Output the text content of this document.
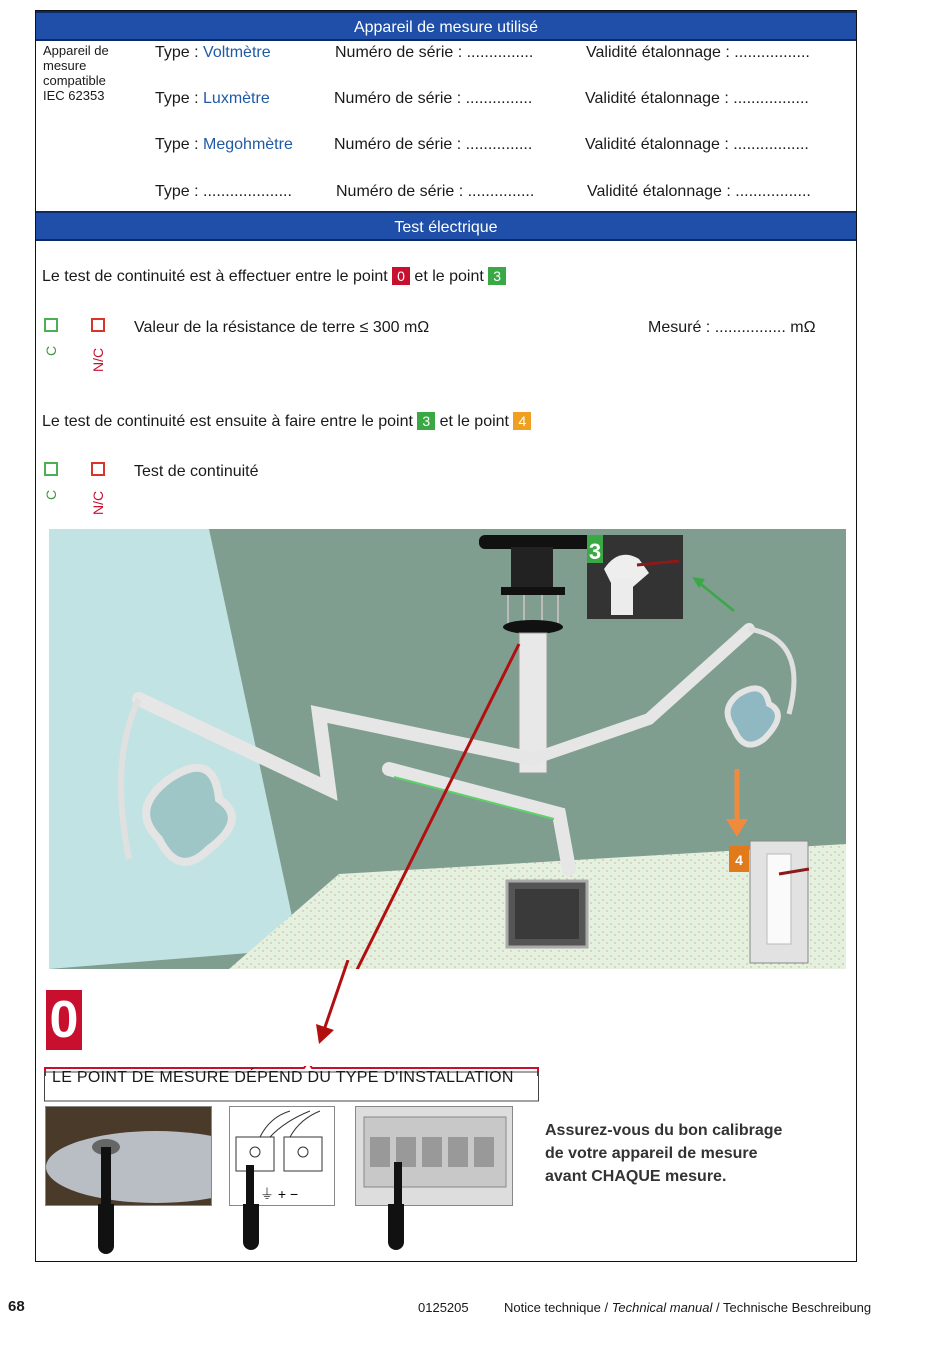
Appareil de mesure utilisé
Test électrique
Appareil de mesure compatible IEC 62353
Type : Voltmètre	Numéro de série : ...............	Validité étalonnage : .................
Type : Luxmètre	Numéro de série : ...............	Validité étalonnage : .................
Type : Megohmètre	Numéro de série : ...............	Validité étalonnage : .................
Type : ....................	Numéro de série : ...............	Validité étalonnage : .................
Le test de continuité est à effectuer entre le point 0 et le point 3
C N/C
Valeur de la résistance de terre ≤ 300 mΩ	Mesuré : ................ mΩ
Le test de continuité est ensuite à faire entre le point 3 et le point 4
C N/C
Test de continuité
3
4
0
LE POINT DE MESURE DÉPEND DU TYPE D'INSTALLATION
⏚ + −
Assurez-vous du bon calibrage
de votre appareil de mesure
avant CHAQUE mesure.
68	0125205	Notice technique / Technical manual / Technische Beschreibung
